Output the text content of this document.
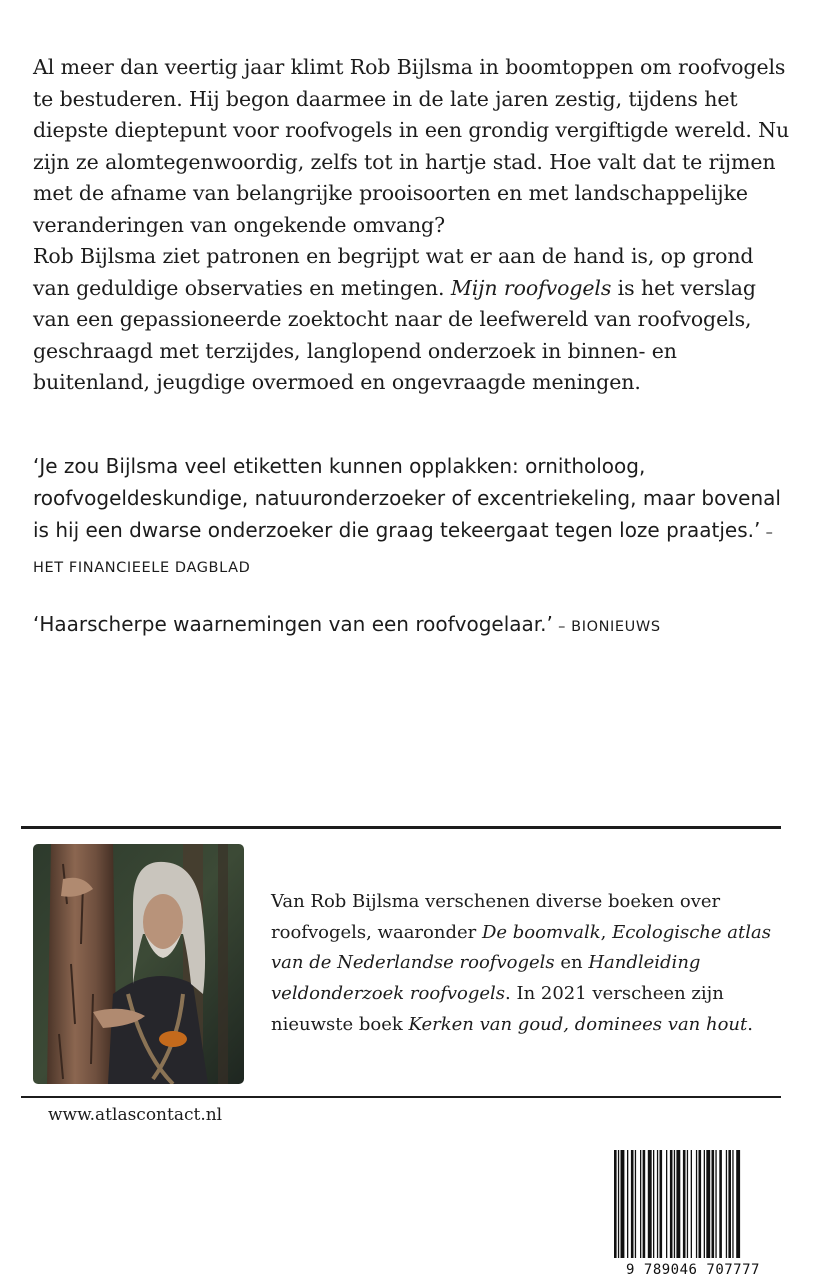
Al meer dan veertig jaar klimt Rob Bijlsma in boomtoppen om roofvogels te bestuderen. Hij begon daarmee in de late jaren zestig, tijdens het diepste dieptepunt voor roofvogels in een grondig vergiftigde wereld. Nu zijn ze alomtegenwoordig, zelfs tot in hartje stad. Hoe valt dat te rijmen met de afname van belangrijke prooisoorten en met landschappelijke veranderingen van ongekende omvang?

Rob Bijlsma ziet patronen en begrijpt wat er aan de hand is, op grond van geduldige observaties en metingen. Mijn roofvogels is het verslag van een gepassioneerde zoektocht naar de leefwereld van roofvogels, geschraagd met terzijdes, langlopend onderzoek in binnen- en buitenland, jeugdige overmoed en ongevraagde meningen.

‘Je zou Bijlsma veel etiketten kunnen opplakken: ornitholoog, roofvogeldeskundige, natuuronderzoeker of excentriekeling, maar bovenal is hij een dwarse onderzoeker die graag tekeergaat tegen loze praatjes.’ – HET FINANCIEELE DAGBLAD

‘Haarscherpe waarnemingen van een roofvogelaar.’ – BIONIEUWS

Van Rob Bijlsma verschenen diverse boeken over roofvogels, waaronder De boomvalk, Ecologische atlas van de Nederlandse roofvogels en Handleiding veldonderzoek roofvogels. In 2021 verscheen zijn nieuwste boek Kerken van goud, dominees van hout.

www.atlascontact.nl
9 789046 707777
